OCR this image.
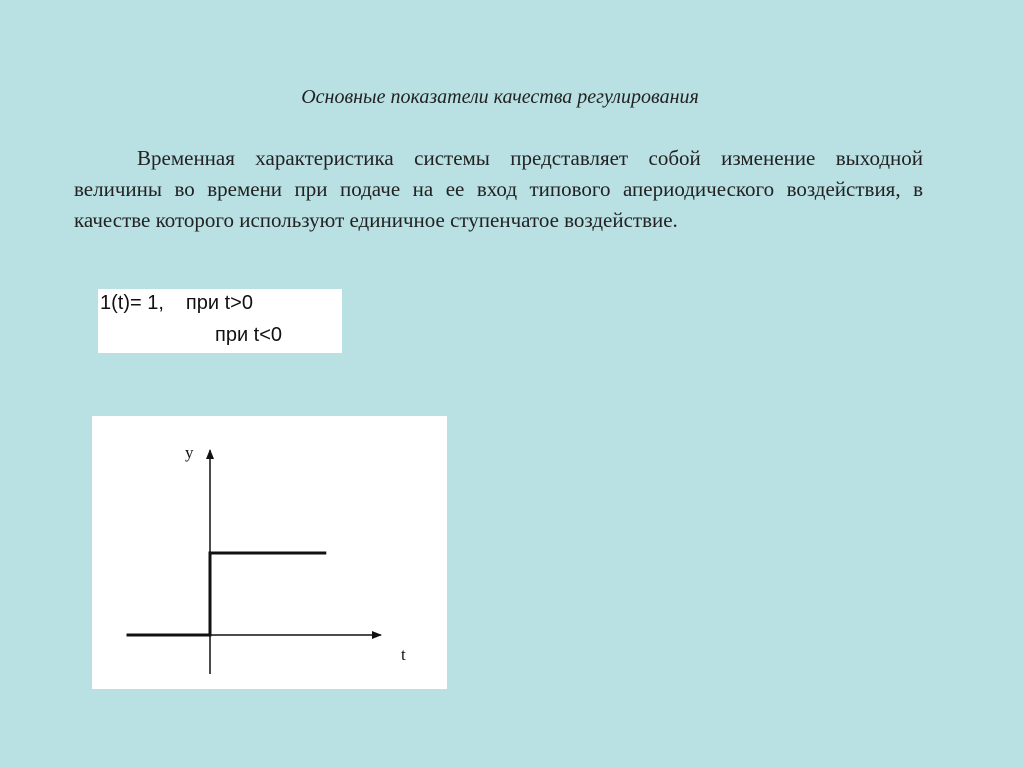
Основные показатели качества регулирования
Временная характеристика системы представляет собой изменение выходной величины во времени при подаче на ее вход типового апериодического воздействия, в качестве которого используют единичное ступенчатое воздействие.
1(t)= 1, при t>0
при t<0
y
t
